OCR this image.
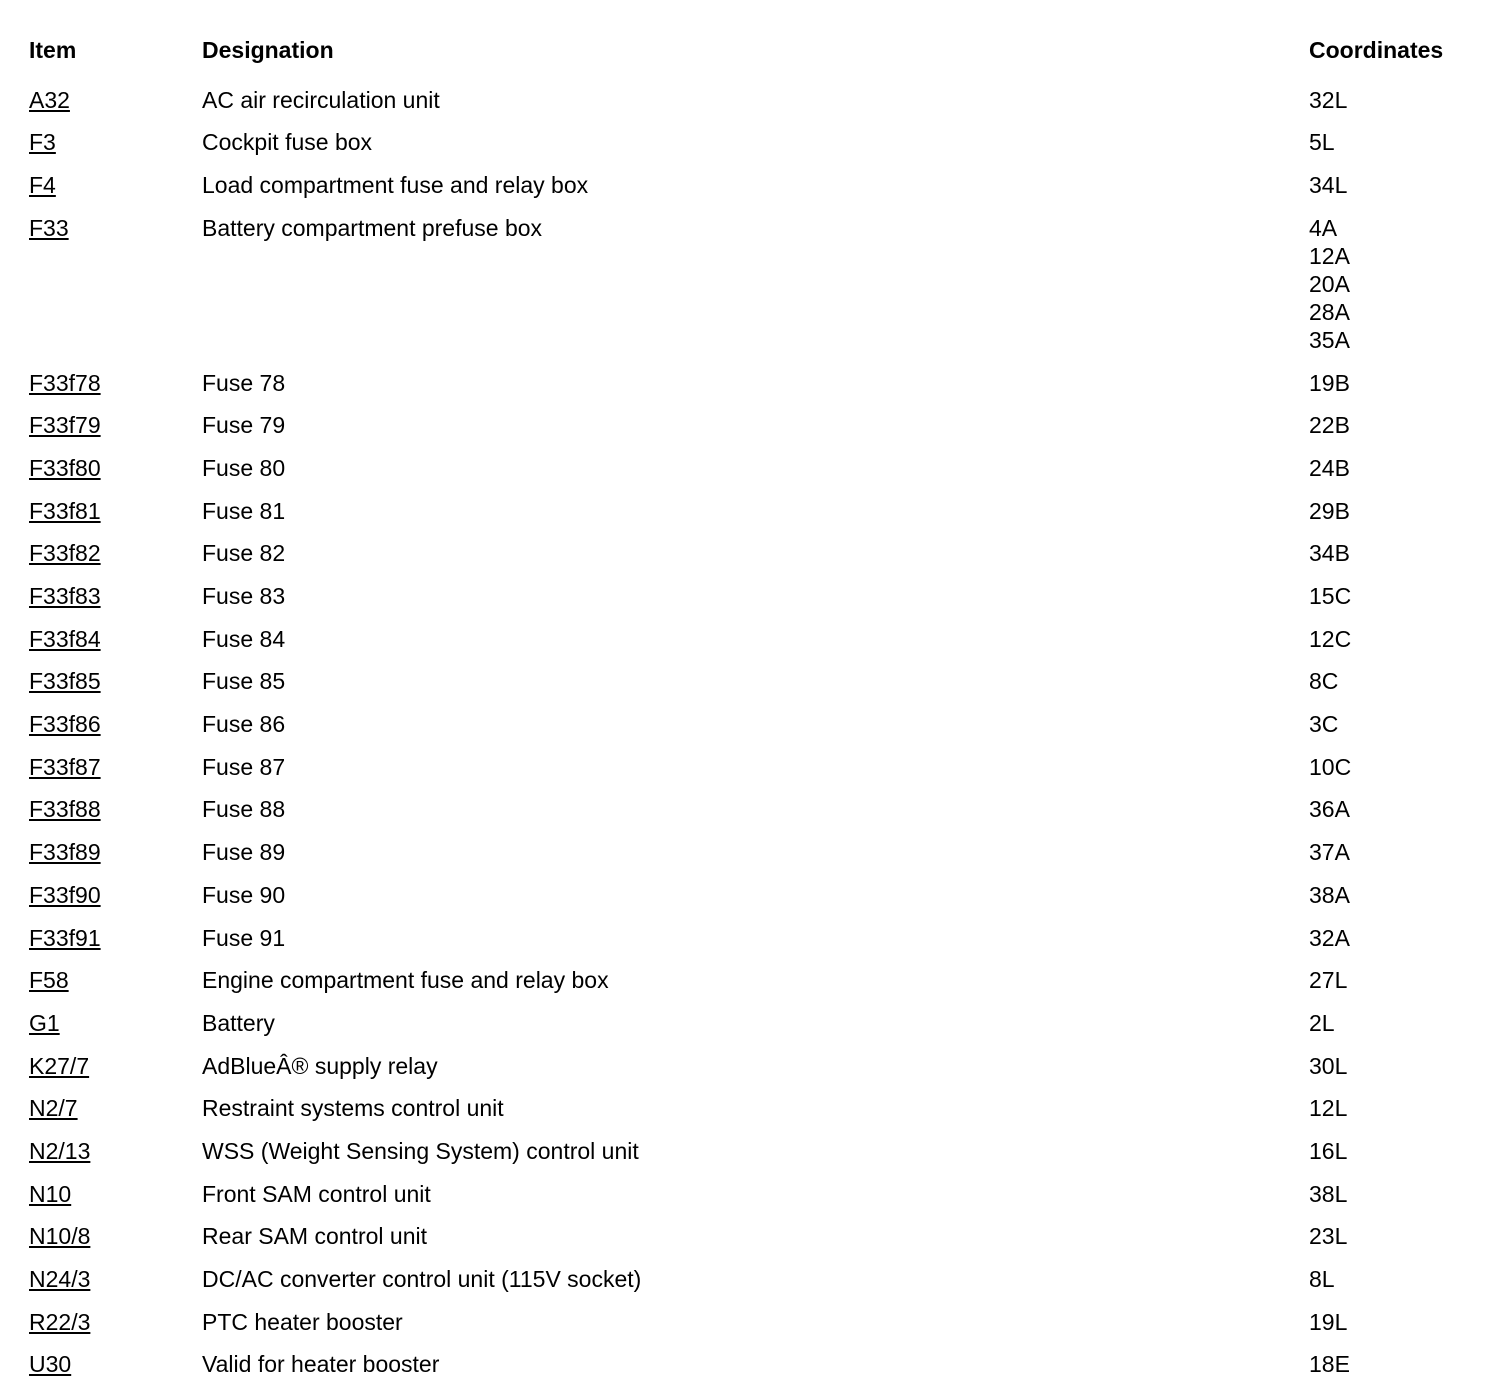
Item	Designation	Coordinates
A32	AC air recirculation unit	32L
F3	Cockpit fuse box	5L
F4	Load compartment fuse and relay box	34L
F33	Battery compartment prefuse box	4A
12A
20A
28A
35A
F33f78	Fuse 78	19B
F33f79	Fuse 79	22B
F33f80	Fuse 80	24B
F33f81	Fuse 81	29B
F33f82	Fuse 82	34B
F33f83	Fuse 83	15C
F33f84	Fuse 84	12C
F33f85	Fuse 85	8C
F33f86	Fuse 86	3C
F33f87	Fuse 87	10C
F33f88	Fuse 88	36A
F33f89	Fuse 89	37A
F33f90	Fuse 90	38A
F33f91	Fuse 91	32A
F58	Engine compartment fuse and relay box	27L
G1	Battery	2L
K27/7	AdBlueÂ® supply relay	30L
N2/7	Restraint systems control unit	12L
N2/13	WSS (Weight Sensing System) control unit	16L
N10	Front SAM control unit	38L
N10/8	Rear SAM control unit	23L
N24/3	DC/AC converter control unit (115V socket)	8L
R22/3	PTC heater booster	19L
U30	Valid for heater booster	18E
